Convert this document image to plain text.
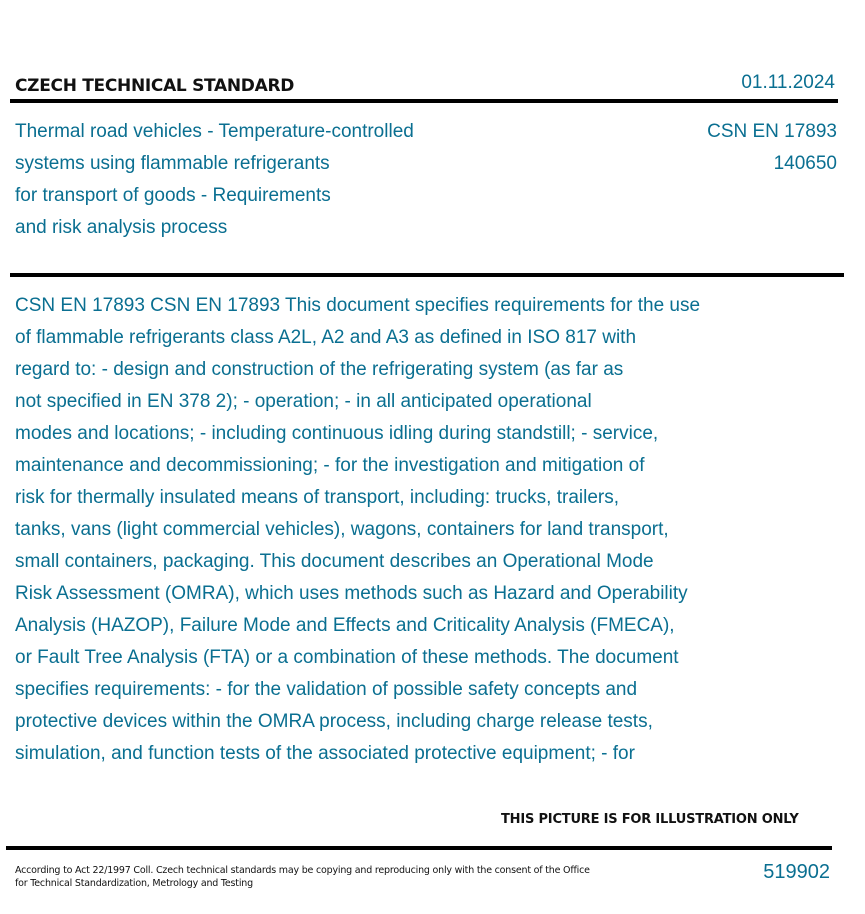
CZECH TECHNICAL STANDARD	01.11.2024
Thermal road vehicles - Temperature-controlled
systems using flammable refrigerants
for transport of goods - Requirements
and risk analysis process
CSN EN 17893
140650
CSN EN 17893 CSN EN 17893 This document specifies requirements for the use
of flammable refrigerants class A2L, A2 and A3 as defined in ISO 817 with
regard to: - design and construction of the refrigerating system (as far as
not specified in EN 378 2); - operation; - in all anticipated operational
modes and locations; - including continuous idling during standstill; - service,
maintenance and decommissioning; - for the investigation and mitigation of
risk for thermally insulated means of transport, including: trucks, trailers,
tanks, vans (light commercial vehicles), wagons, containers for land transport,
small containers, packaging. This document describes an Operational Mode
Risk Assessment (OMRA), which uses methods such as Hazard and Operability
Analysis (HAZOP), Failure Mode and Effects and Criticality Analysis (FMECA),
or Fault Tree Analysis (FTA) or a combination of these methods. The document
specifies requirements: - for the validation of possible safety concepts and
protective devices within the OMRA process, including charge release tests,
simulation, and function tests of the associated protective equipment; - for
THIS PICTURE IS FOR ILLUSTRATION ONLY
According to Act 22/1997 Coll. Czech technical standards may be copying and reproducing only with the consent of the Office
for Technical Standardization, Metrology and Testing
519902
